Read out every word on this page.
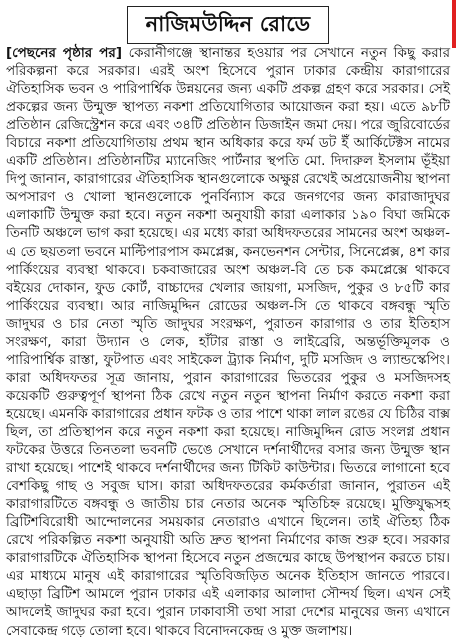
নাজিমউদ্দিন রোডে
[পেছনের পৃষ্ঠার পর] কেরানীগঞ্জে স্থানান্তর হওয়ার পর সেখানে নতুন কিছু করার পরিকল্পনা করে সরকার। এরই অংশ হিসেবে পুরান ঢাকার কেন্দ্রীয় কারাগারের ঐতিহাসিক ভবন ও পারিপার্শ্বিক উন্নয়নের জন্য একটি প্রকল্প গ্রহণ করে সরকার। সেই প্রকল্পের জন্য উন্মুক্ত স্থাপত্য নকশা প্রতিযোগিতার আয়োজন করা হয়। এতে ৯৮টি প্রতিষ্ঠান রেজিস্ট্রেশন করে এবং ৩৪টি প্রতিষ্ঠান ডিজাইন জমা দেয়। পরে জুরিবোর্ডের বিচারে নকশা প্রতিযোগিতায় প্রথম স্থান অধিকার করে ফর্ম ডট ইঁ আর্কিটেক্টস নামের একটি প্রতিষ্ঠান। প্রতিষ্ঠানটির ম্যানেজিং পার্টনার স্থপতি মো. দিদারুল ইসলাম ভূঁইয়া দিপু জানান, কারাগারের ঐতিহাসিক স্থানগুলোকে অক্ষুণ্ণ রেখেই অপ্রয়োজনীয় স্থাপনা অপসারণ ও খোলা স্থানগুলোকে পুনর্বিন্যাস করে জনগণের জন্য কারাজাদুঘর এলাকাটি উন্মুক্ত করা হবে। নতুন নকশা অনুযায়ী কারা এলাকার ১৯০ বিঘা জমিকে তিনটি অঞ্চলে ভাগ করা হয়েছে। এর মধ্যে কারা অধিদফতরের সামনের অংশ অঞ্চল-এ তে ছয়তলা ভবনে মাল্টিপারপাস কমপ্লেক্স, কনভেনশন সেন্টার, সিনেপ্লেক্স, ৪শ কার পার্কিংয়ের ব্যবস্থা থাকবে। চকবাজারের অংশ অঞ্চল-বি তে চক কমপ্লেক্সে থাকবে বইয়ের দোকান, ফুড কোর্ট, বাচ্চাদের খেলার জায়গা, মসজিদ, পুকুর ও ৮৫টি কার পার্কিংয়ের ব্যবস্থা। আর নাজিমুদ্দিন রোডের অঞ্চল-সি তে থাকবে বঙ্গবন্ধু স্মৃতি জাদুঘর ও চার নেতা স্মৃতি জাদুঘর সংরক্ষণ, পুরাতন কারাগার ও তার ইতিহাস সংরক্ষণ, কারা উদ্যান ও লেক, হাঁটার রাস্তা ও লাইব্রেরি, অন্তর্ভূক্তিমূলক ও পারিপার্শ্বিক রাস্তা, ফুটপাত এবং সাইকেল ট্র্যাক নির্মাণ, দুটি মসজিদ ও ল্যান্ডস্কেপিং। কারা অধিদফতর সূত্র জানায়, পুরান কারাগারের ভিতরের পুকুর ও মসজিদসহ কয়েকটি গুরুত্বপূর্ণ স্থাপনা ঠিক রেখে নতুন নতুন স্থাপনা নির্মাণ করতে নকশা করা হয়েছে। এমনকি কারাগারের প্রধান ফটক ও তার পাশে থাকা লাল রঙের যে চিঠির বাক্স ছিল, তা প্রতিস্থাপন করে নতুন নকশা করা হয়েছে। নাজিমুদ্দিন রোড সংলগ্ন প্রধান ফটকের উত্তরে তিনতলা ভবনটি ভেঙে সেখানে দর্শনার্থীদের বসার জন্য উন্মুক্ত স্থান রাখা হয়েছে। পাশেই থাকবে দর্শনার্থীদের জন্য টিকিট কাউন্টার। ভিতরে লাগানো হবে বেশকিছু গাছ ও সবুজ ঘাস। কারা অধিদফতরের কর্মকর্তারা জানান, পুরাতন এই কারাগারটিতে বঙ্গবন্ধু ও জাতীয় চার নেতার অনেক স্মৃতিচিহ্ন রয়েছে। মুক্তিযুদ্ধসহ ব্রিটিশবিরোধী আন্দোলনের সময়কার নেতারাও এখানে ছিলেন। তাই ঐতিহ্য ঠিক রেখে পরিকল্পিত নকশা অনুযায়ী অতি দ্রুত স্থাপনা নির্মাণের কাজ শুরু হবে। সরকার কারাগারটিকে ঐতিহাসিক স্থাপনা হিসেবে নতুন প্রজন্মের কাছে উপস্থাপন করতে চায়। এর মাধ্যমে মানুষ এই কারাগারের স্মৃতিবিজড়িত অনেক ইতিহাস জানতে পারবে। এছাড়া ব্রিটিশ আমলে পুরান ঢাকার এই এলাকার আলাদা সৌন্দর্য ছিল। এখন সেই আদলেই জাদুঘর করা হবে। পুরান ঢাকাবাসী তথা সারা দেশের মানুষের জন্য এখানে সেবাকেন্দ্র গড়ে তোলা হবে। থাকবে বিনোদনকেন্দ্র ও মুক্ত জলাশয়।
